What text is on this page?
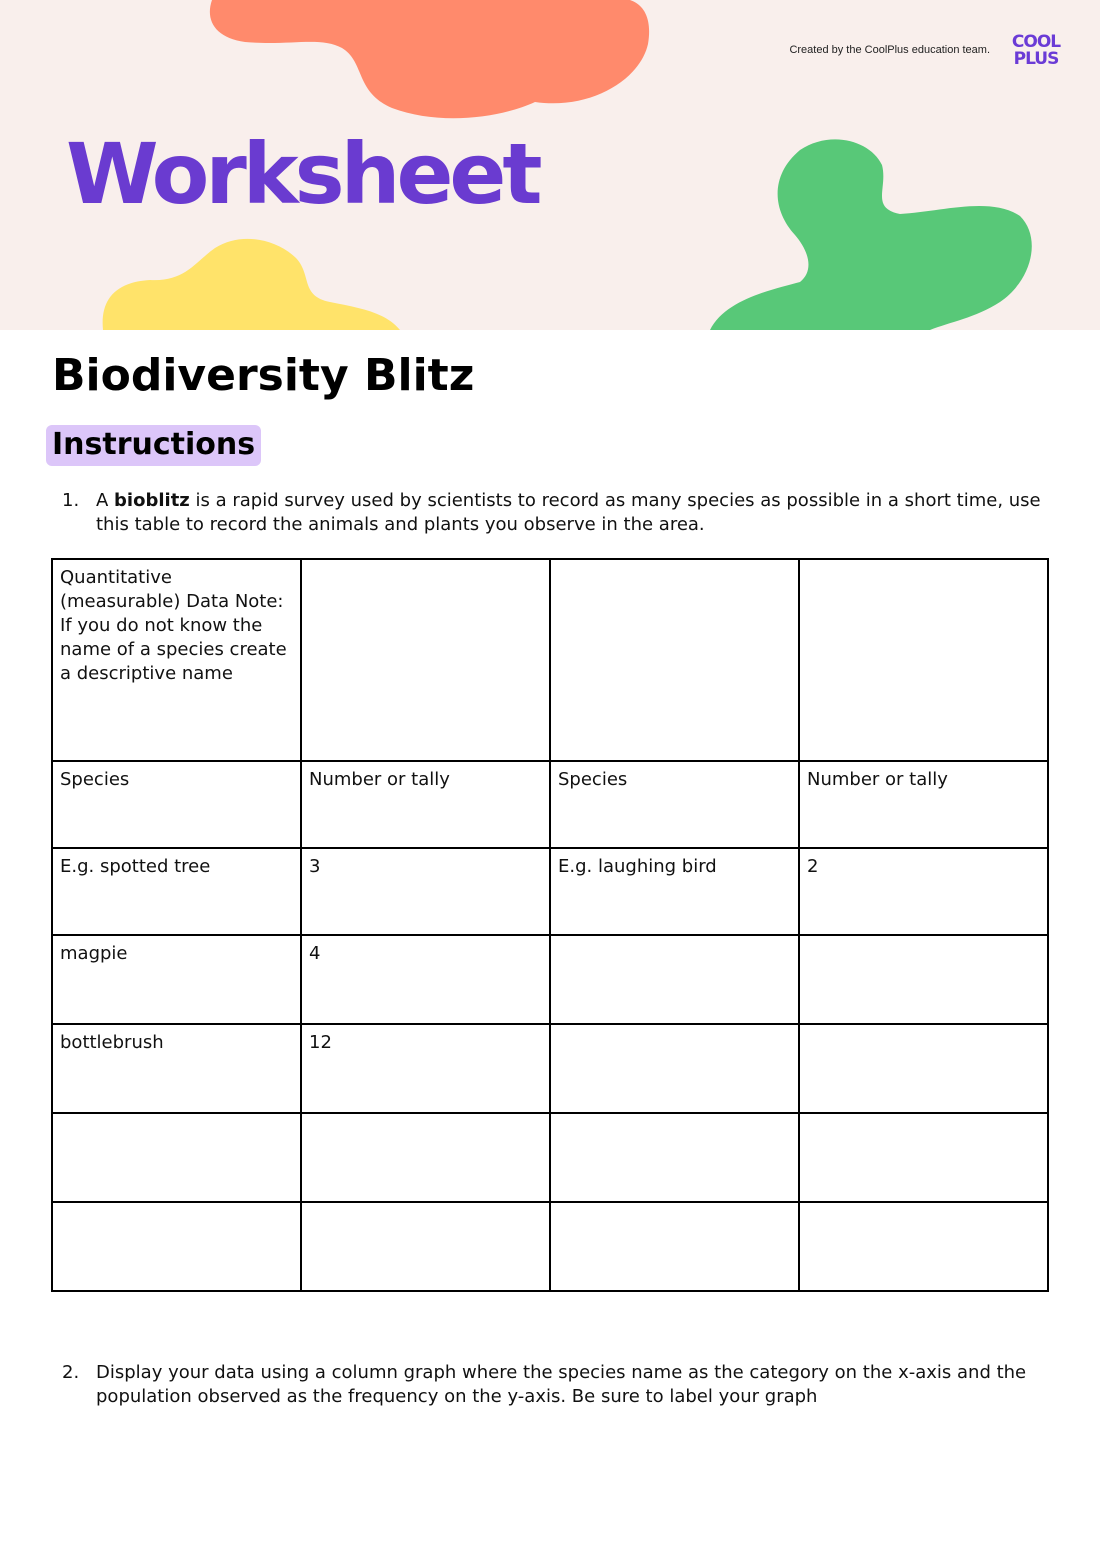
Created by the CoolPlus education team.	COOL
PLUS
Worksheet
Biodiversity Blitz
Instructions
1. A bioblitz is a rapid survey used by scientists to record as many species as possible in a short time, use this table to record the animals and plants you observe in the area.
Quantitative (measurable) Data Note: If you do not know the name of a species create a descriptive name			
Species	Number or tally	Species	Number or tally
E.g. spotted tree	3	E.g. laughing bird	2
magpie	4		
bottlebrush	12		

2. Display your data using a column graph where the species name as the category on the x-axis and the population observed as the frequency on the y-axis. Be sure to label your graph
